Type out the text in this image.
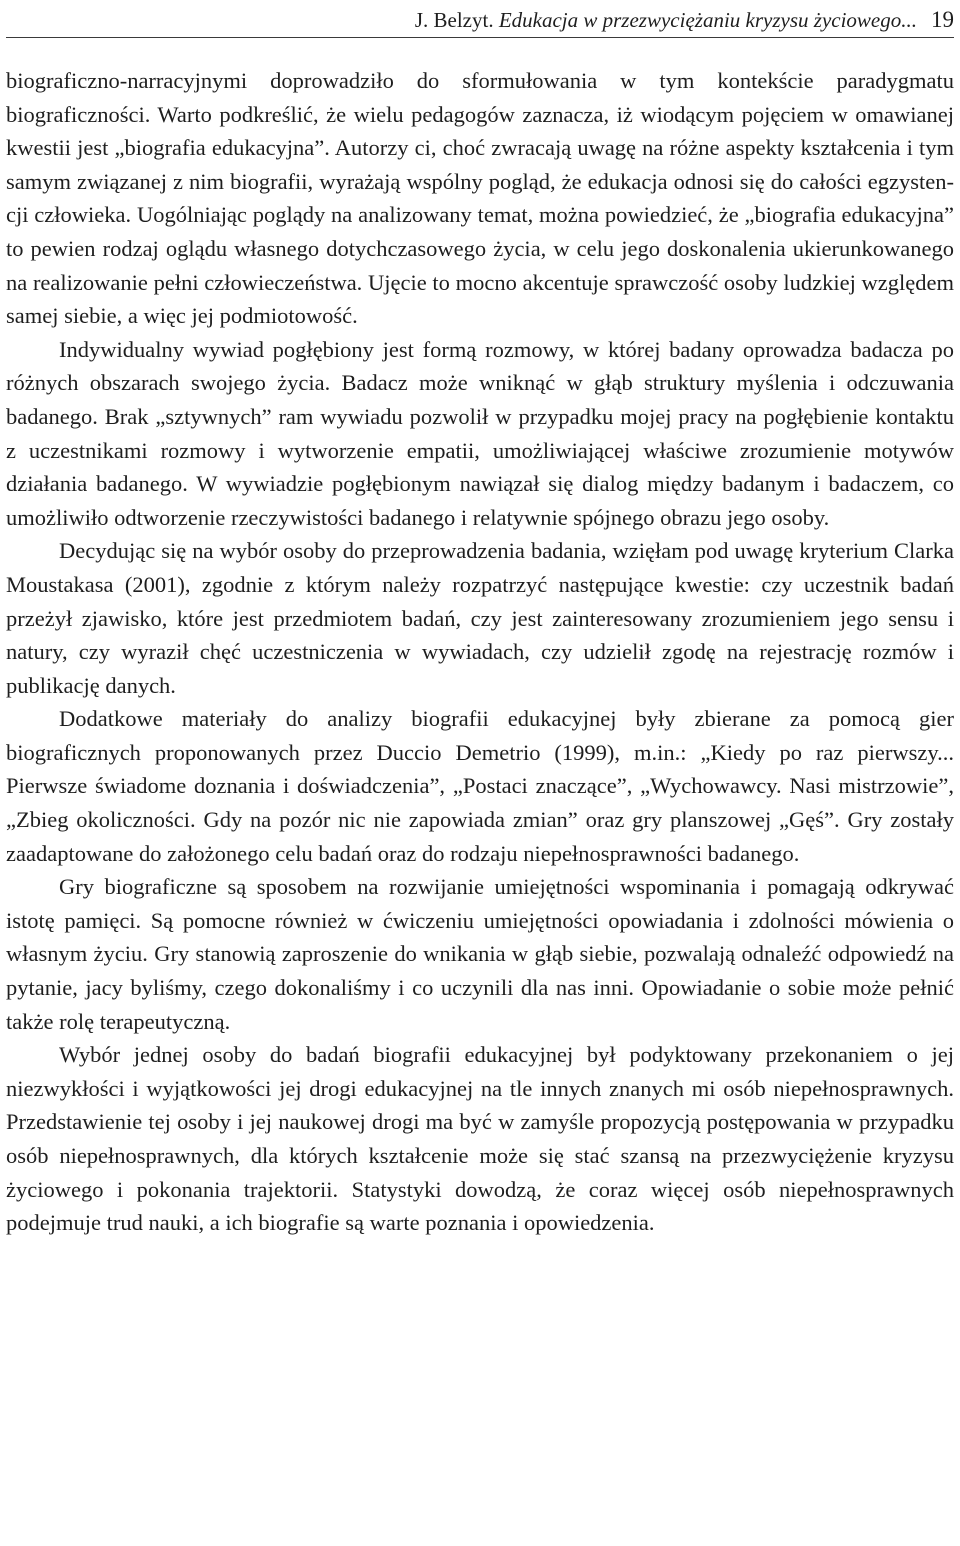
J. Belzyt.
Edukacja w przezwyciężaniu kryzysu życiowego... 19

biograficzno-narracyjnymi doprowadziło do sformułowania w tym kontekście paradygmatu biograficzności. Warto podkreślić, że wielu pedagogów zaznacza, iż wiodącym pojęciem w omawianej kwestii jest „biografia edukacyjna”. Autorzy ci, choć zwracają uwagę na różne aspekty kształcenia i tym samym związanej z nim biografii, wyrażają wspólny pogląd, że edukacja odnosi się do całości egzystencji człowieka. Uogólniając poglądy na analizowany temat, można powiedzieć, że „biografia edukacyjna” to pewien rodzaj oglądu własnego dotychczasowego życia, w celu jego doskonalenia ukierunkowanego na realizowanie pełni człowieczeństwa. Ujęcie to mocno akcentuje sprawczość osoby ludzkiej względem samej siebie, a więc jej podmiotowość.

Indywidualny wywiad pogłębiony jest formą rozmowy, w której badany oprowadza badacza po różnych obszarach swojego życia. Badacz może wniknąć w głąb struktury myślenia i odczuwania badanego. Brak „sztywnych” ram wywiadu pozwolił w przypadku mojej pracy na pogłębienie kontaktu z uczestnikami rozmowy i wytworzenie empatii, umożliwiającej właściwe zrozumienie motywów działania badanego. W wywiadzie pogłębionym nawiązał się dialog między badanym i badaczem, co umożliwiło odtworzenie rzeczywistości badanego i relatywnie spójnego obrazu jego osoby.

Decydując się na wybór osoby do przeprowadzenia badania, wzięłam pod uwagę kryterium Clarka Moustakasa (2001), zgodnie z którym należy rozpatrzyć następujące kwestie: czy uczestnik badań przeżył zjawisko, które jest przedmiotem badań, czy jest zainteresowany zrozumieniem jego sensu i natury, czy wyraził chęć uczestniczenia w wywiadach, czy udzielił zgodę na rejestrację rozmów i publikację danych.

Dodatkowe materiały do analizy biografii edukacyjnej były zbierane za pomocą gier biograficznych proponowanych przez Duccio Demetrio (1999), m.in.: „Kiedy po raz pierwszy... Pierwsze świadome doznania i doświadczenia”, „Postaci znaczące”, „Wychowawcy. Nasi mistrzowie”, „Zbieg okoliczności. Gdy na pozór nic nie zapowiada zmian” oraz gry planszowej „Gęś”. Gry zostały zaadaptowane do założonego celu badań oraz do rodzaju niepełnosprawności badanego.

Gry biograficzne są sposobem na rozwijanie umiejętności wspominania i pomagają odkrywać istotę pamięci. Są pomocne również w ćwiczeniu umiejętności opowiadania i zdolności mówienia o własnym życiu. Gry stanowią zaproszenie do wnikania w głąb siebie, pozwalają odnaleźć odpowiedź na pytanie, jacy byliśmy, czego dokonaliśmy i co uczynili dla nas inni. Opowiadanie o sobie może pełnić także rolę terapeutyczną.

Wybór jednej osoby do badań biografii edukacyjnej był podyktowany przekonaniem o jej niezwykłości i wyjątkowości jej drogi edukacyjnej na tle innych znanych mi osób niepełnosprawnych. Przedstawienie tej osoby i jej naukowej drogi ma być w zamyśle propozycją postępowania w przypadku osób niepełnosprawnych, dla których kształcenie może się stać szansą na przezwyciężenie kryzysu życiowego i pokonania trajektorii. Statystyki dowodzą, że coraz więcej osób niepełnosprawnych podejmuje trud nauki, a ich biografie są warte poznania i opowiedzenia.
